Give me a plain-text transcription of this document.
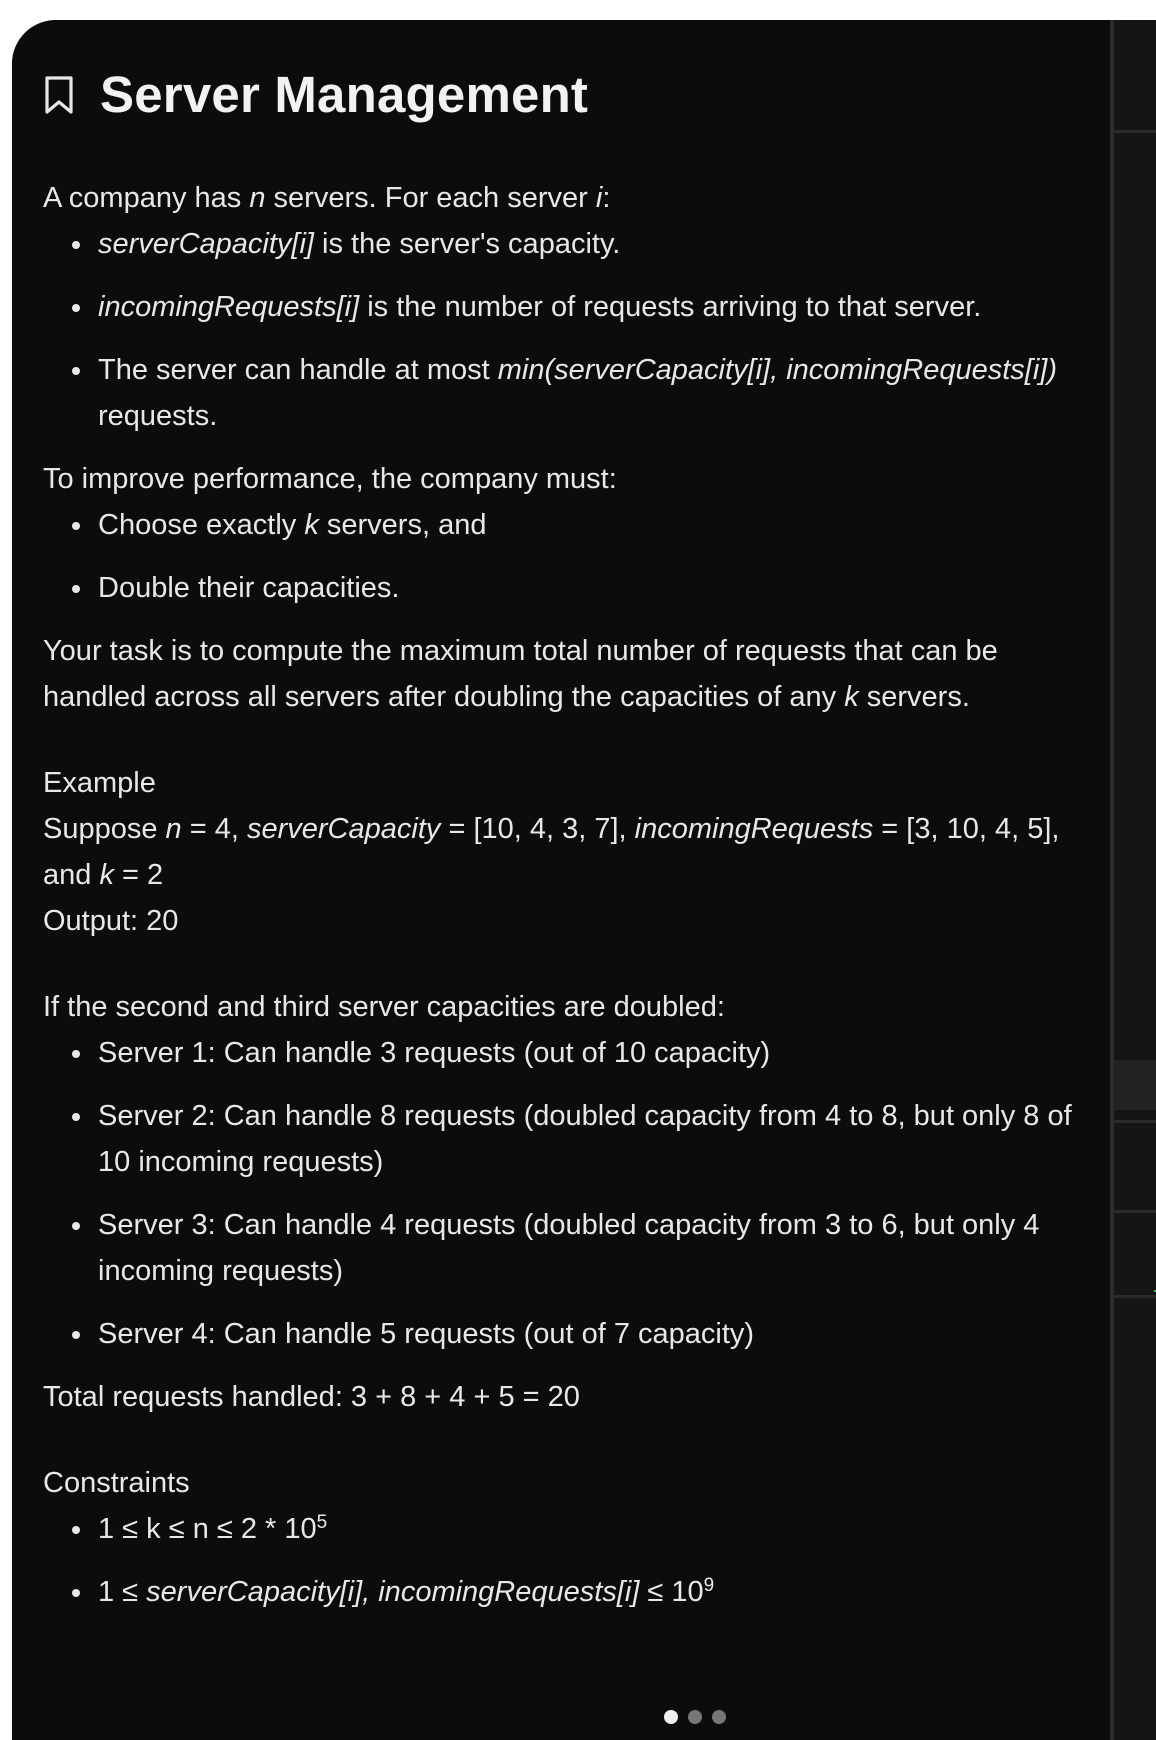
Server Management

A company has n servers. For each server i:

serverCapacity[i] is the server's capacity.
incomingRequests[i] is the number of requests arriving to that server.
The server can handle at most min(serverCapacity[i], incomingRequests[i]) requests.

To improve performance, the company must:

Choose exactly k servers, and
Double their capacities.

Your task is to compute the maximum total number of requests that can be handled across all servers after doubling the capacities of any k servers.

Example

Suppose n = 4, serverCapacity = [10, 4, 3, 7], incomingRequests = [3, 10, 4, 5], and k = 2

Output: 20

If the second and third server capacities are doubled:

Server 1: Can handle 3 requests (out of 10 capacity)
Server 2: Can handle 8 requests (doubled capacity from 4 to 8, but only 8 of 10 incoming requests)
Server 3: Can handle 4 requests (doubled capacity from 3 to 6, but only 4 incoming requests)
Server 4: Can handle 5 requests (out of 7 capacity)

Total requests handled: 3 + 8 + 4 + 5 = 20

Constraints

$1 \le k \le n \le 2 * 10^5$
1 ≤ serverCapacity[i], incomingRequests[i] ≤ $10^9$
